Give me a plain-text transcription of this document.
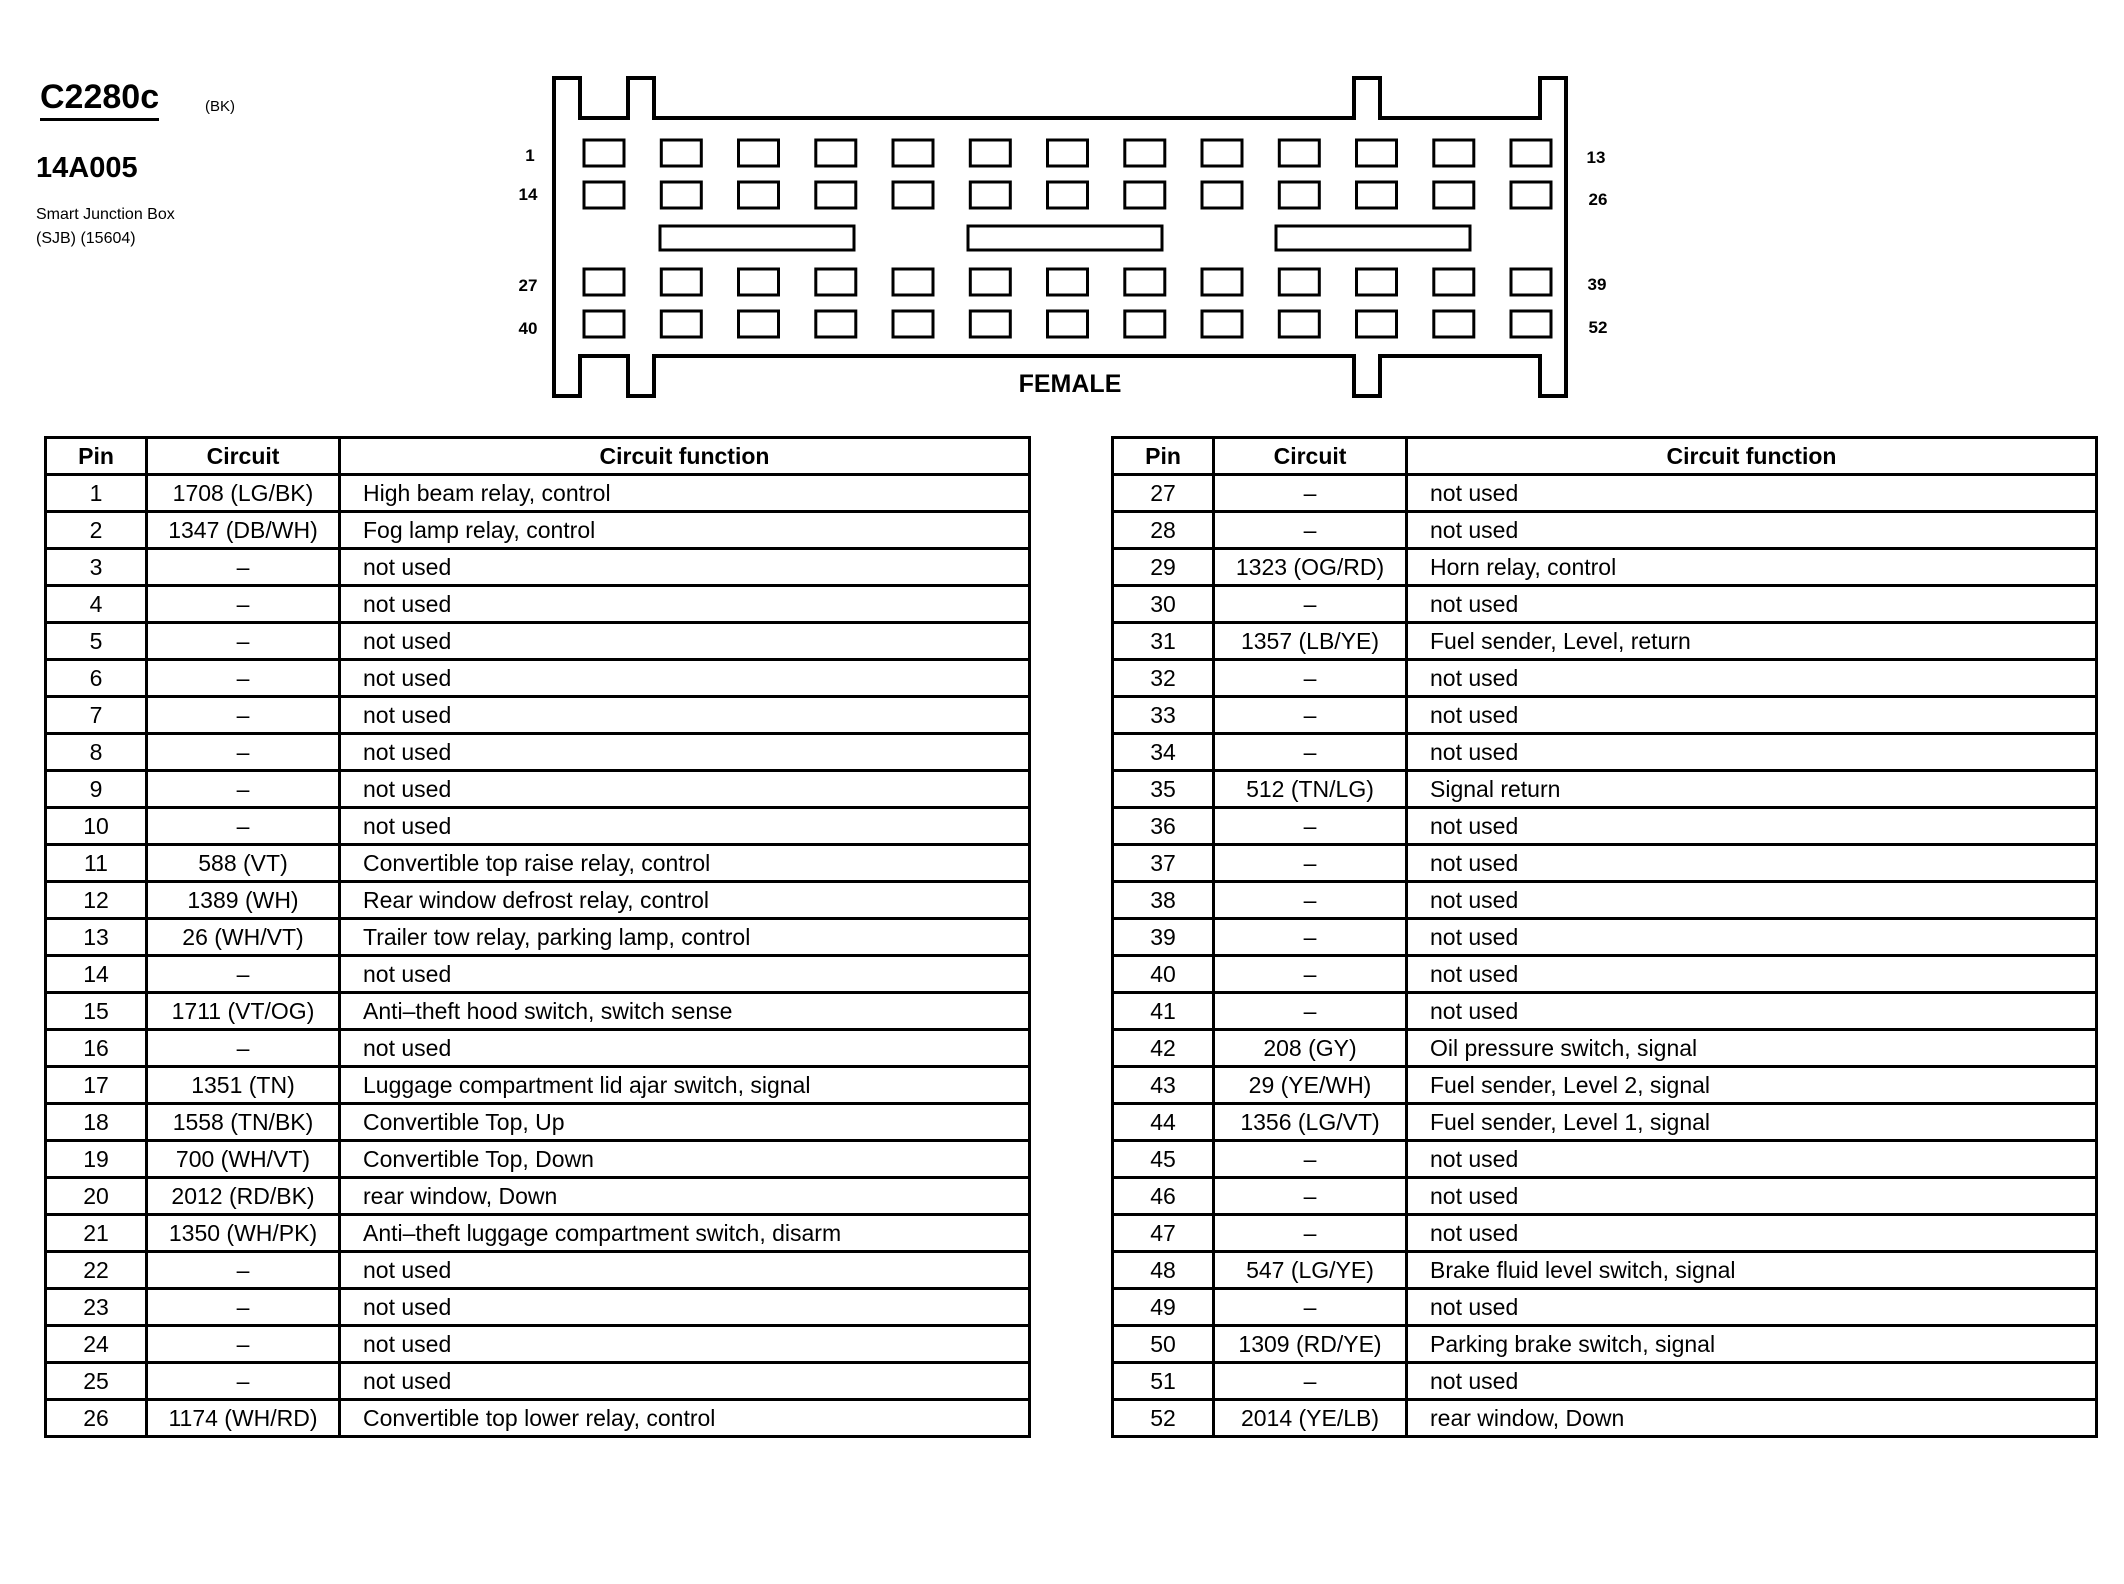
C2280c	(BK)
14A005
Smart Junction Box
(SJB) (15604)
1	13
14	26
27	39
40	52
FEMALE
Pin	Circuit	Circuit function
1	1708 (LG/BK)	High beam relay, control
2	1347 (DB/WH)	Fog lamp relay, control
3	–	not used
4	–	not used
5	–	not used
6	–	not used
7	–	not used
8	–	not used
9	–	not used
10	–	not used
11	588 (VT)	Convertible top raise relay, control
12	1389 (WH)	Rear window defrost relay, control
13	26 (WH/VT)	Trailer tow relay, parking lamp, control
14	–	not used
15	1711 (VT/OG)	Anti–theft hood switch, switch sense
16	–	not used
17	1351 (TN)	Luggage compartment lid ajar switch, signal
18	1558 (TN/BK)	Convertible Top, Up
19	700 (WH/VT)	Convertible Top, Down
20	2012 (RD/BK)	rear window, Down
21	1350 (WH/PK)	Anti–theft luggage compartment switch, disarm
22	–	not used
23	–	not used
24	–	not used
25	–	not used
26	1174 (WH/RD)	Convertible top lower relay, control
Pin	Circuit	Circuit function
27	–	not used
28	–	not used
29	1323 (OG/RD)	Horn relay, control
30	–	not used
31	1357 (LB/YE)	Fuel sender, Level, return
32	–	not used
33	–	not used
34	–	not used
35	512 (TN/LG)	Signal return
36	–	not used
37	–	not used
38	–	not used
39	–	not used
40	–	not used
41	–	not used
42	208 (GY)	Oil pressure switch, signal
43	29 (YE/WH)	Fuel sender, Level 2, signal
44	1356 (LG/VT)	Fuel sender, Level 1, signal
45	–	not used
46	–	not used
47	–	not used
48	547 (LG/YE)	Brake fluid level switch, signal
49	–	not used
50	1309 (RD/YE)	Parking brake switch, signal
51	–	not used
52	2014 (YE/LB)	rear window, Down
